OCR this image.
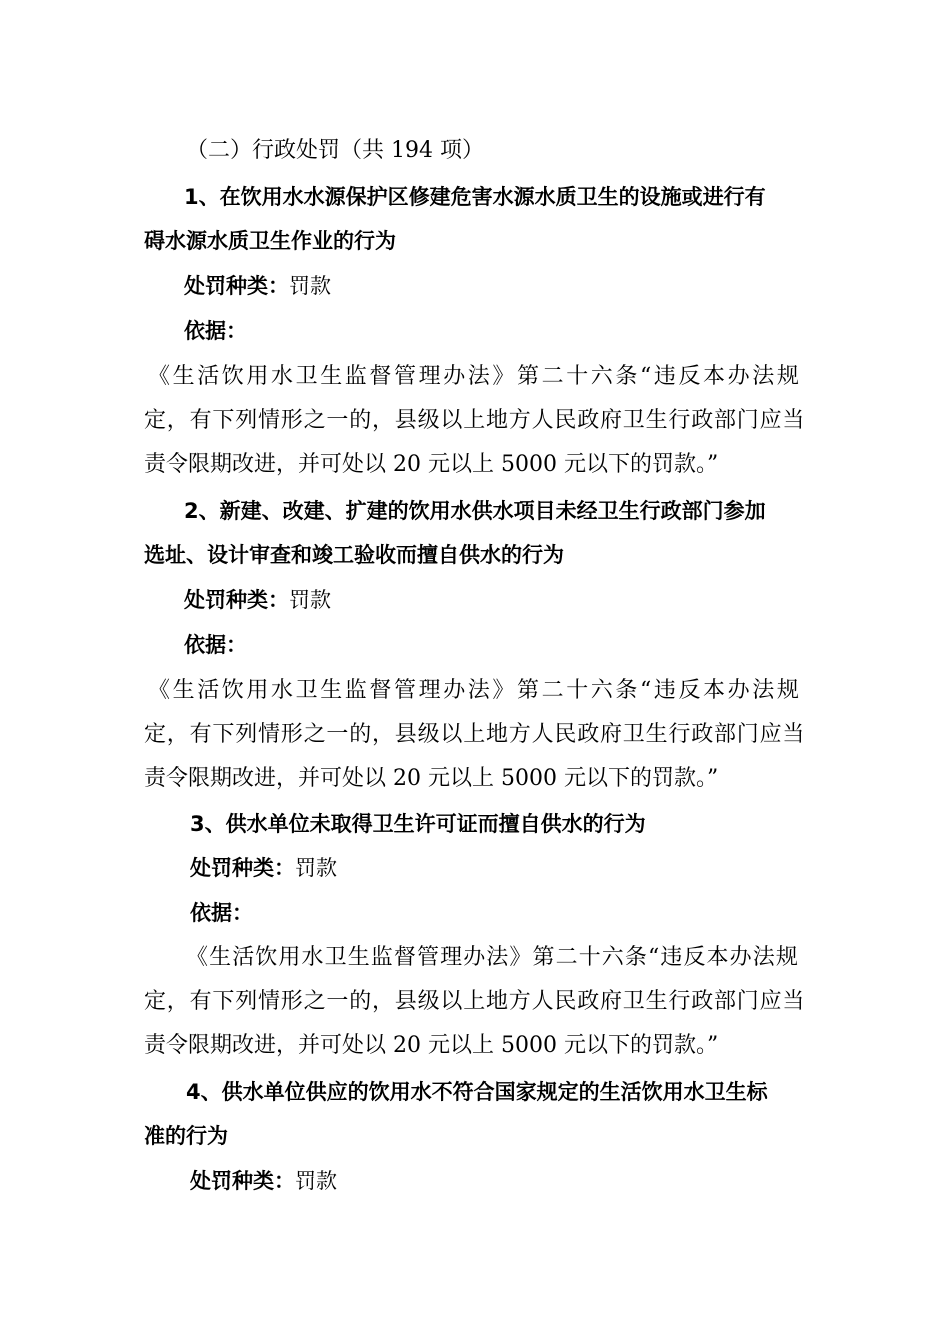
（二）行政处罚（共 194 项）
1、在饮用水水源保护区修建危害水源水质卫生的设施或进行有
碍水源水质卫生作业的行为
处罚种类：罚款
依据：
《生活饮用水卫生监督管理办法》第二十六条“违反本办法规
定，有下列情形之一的，县级以上地方人民政府卫生行政部门应当
责令限期改进，并可处以 20 元以上 5000 元以下的罚款。”
2、新建、改建、扩建的饮用水供水项目未经卫生行政部门参加
选址、设计审查和竣工验收而擅自供水的行为
处罚种类：罚款
依据：
《生活饮用水卫生监督管理办法》第二十六条“违反本办法规
定，有下列情形之一的，县级以上地方人民政府卫生行政部门应当
责令限期改进，并可处以 20 元以上 5000 元以下的罚款。”
3、供水单位未取得卫生许可证而擅自供水的行为
处罚种类：罚款
依据：
《生活饮用水卫生监督管理办法》第二十六条“违反本办法规
定，有下列情形之一的，县级以上地方人民政府卫生行政部门应当
责令限期改进，并可处以 20 元以上 5000 元以下的罚款。”
4、供水单位供应的饮用水不符合国家规定的生活饮用水卫生标
准的行为
处罚种类：罚款
